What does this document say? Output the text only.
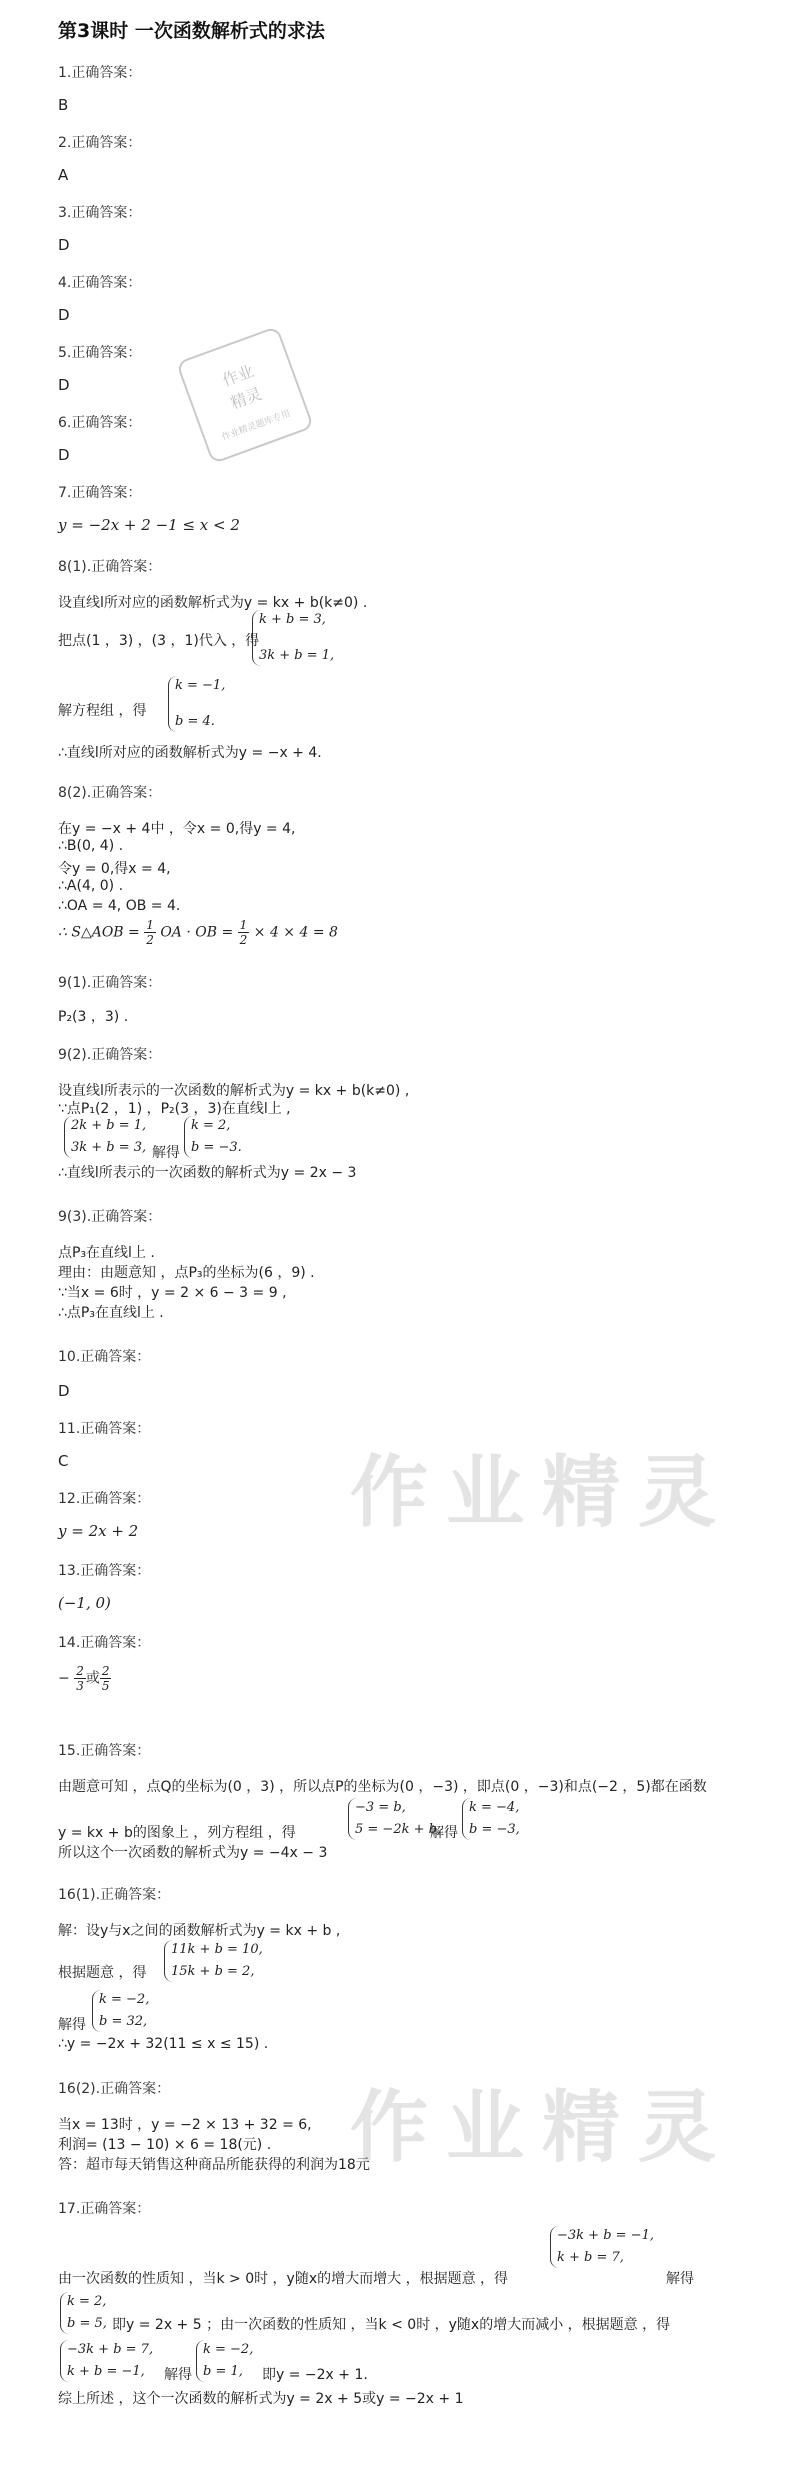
第3课时 一次函数解析式的求法
作业
精灵
作业精灵题库专用
作业精灵
作业精灵
1.正确答案：
B
2.正确答案：
A
3.正确答案：
D
4.正确答案：
D
5.正确答案：
D
6.正确答案：
D
7.正确答案：
y = −2x + 2 −1 ≤ x < 2
8(1).正确答案：
设直线l所对应的函数解析式为y = kx + b(k≠0) .
k + b = 3,
3k + b = 1,
把点(1 ，3) ，(3 ，1)代入 ，得
k = −1,
b = 4.
解方程组 ，得
∴直线l所对应的函数解析式为y = −x + 4.
8(2).正确答案：
在y = −x + 4中 ，令x = 0,得y = 4,
∴B(0, 4) .
令y = 0,得x = 4,
∴A(4, 0) .
∴OA = 4, OB = 4.
∴ S△AOB = $\frac{1}{2}$ OA · OB = $\frac{1}{2} \times 4 \times 4 = 8$
9(1).正确答案：
P₂(3 ，3) .
9(2).正确答案：
设直线l所表示的一次函数的解析式为y = kx + b(k≠0) ,
∵点P₁(2 ，1) ，P₂(3 ，3)在直线l上 ,
2k + b = 1,
3k + b = 3, 解得
k = 2,
b = −3.
∴直线l所表示的一次函数的解析式为y = 2x − 3
9(3).正确答案：
点P₃在直线l上 .
理由：由题意知 ，点P₃的坐标为(6 ，9) .
∵当x = 6时 ，y = 2 × 6 − 3 = 9 ,
∴点P₃在直线l上 .
10.正确答案：
D
11.正确答案：
C
12.正确答案：
y = 2x + 2
13.正确答案：
(−1, 0)
14.正确答案：
− $\frac{2}{3}$ 或 $\frac{2}{5}$
15.正确答案：
由题意可知 ，点Q的坐标为(0 ，3) ，所以点P的坐标为(0 ，−3) ，即点(0 ，−3)和点(−2 ，5)都在函数
−3 = b,
5 = −2k + b,
y = kx + b的图象上 ，列方程组 ，得	解得
k = −4,
b = −3,
所以这个一次函数的解析式为y = −4x − 3
16(1).正确答案：
解：设y与x之间的函数解析式为y = kx + b ,
11k + b = 10,
15k + b = 2,
根据题意 ，得
解得
k = −2,
b = 32,
∴y = −2x + 32(11 ≤ x ≤ 15) .
16(2).正确答案：
当x = 13时 ，y = −2 × 13 + 32 = 6,
利润= (13 − 10) × 6 = 18(元) .
答：超市每天销售这种商品所能获得的利润为18元
17.正确答案：
−3k + b = −1,
k + b = 7,
由一次函数的性质知 ，当k > 0时 ，y随x的增大而增大 ，根据题意 ，得	解得
k = 2,
b = 5, 即y = 2x + 5 ；由一次函数的性质知 ，当k < 0时 ，y随x的增大而减小 ，根据题意 ，得
−3k + b = 7,
k + b = −1,	解得
k = −2,
b = 1,	即y = −2x + 1.
综上所述 ，这个一次函数的解析式为y = 2x + 5或y = −2x + 1
